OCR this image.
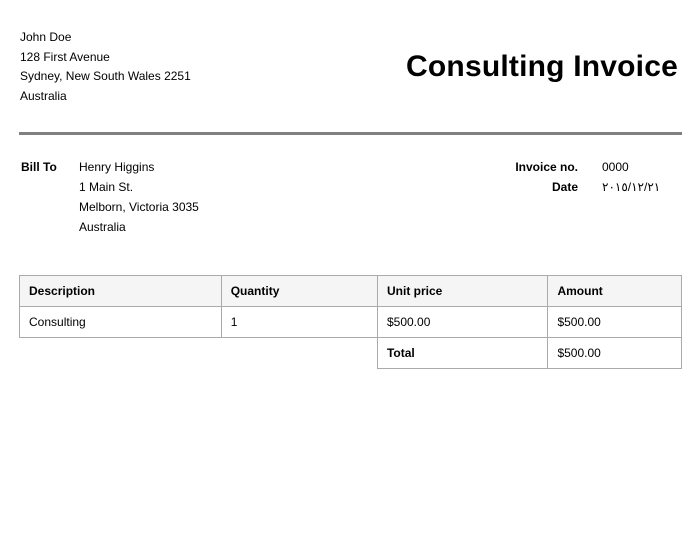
John Doe
128 First Avenue
Sydney, New South Wales 2251
Australia
Consulting Invoice
Bill To	Henry Higgins
1 Main St.
Melborn, Victoria 3035
Australia
Invoice no.	0000
Date	٢٠١٥/١٢/٢١
Description	Quantity	Unit price	Amount
Consulting	1	$500.00	$500.00
		Total	$500.00
